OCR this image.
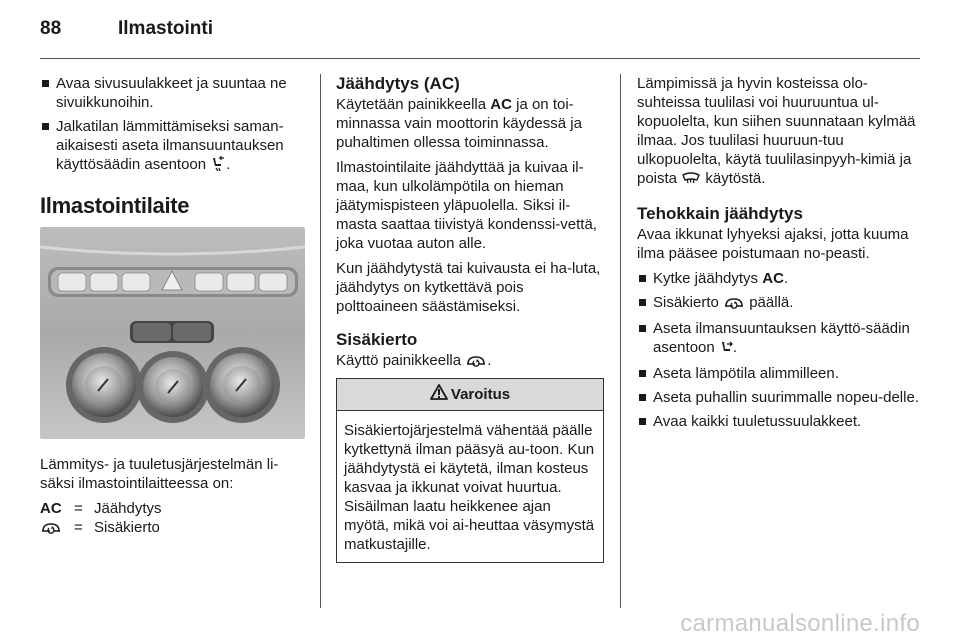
88	Ilmastointi
Avaa sivusuulakkeet ja suuntaa ne sivuikkunoihin.
Jalkatilan lämmittämiseksi saman-aikaisesti aseta ilmansuuntauksen käyttösäädin asentoon .
Ilmastointilaite
Lämmitys- ja tuuletusjärjestelmän li-säksi ilmastointilaitteessa on:
AC = Jäähdytys
= Sisäkierto
Jäähdytys (AC)
Käytetään painikkeella AC ja on toi-minnassa vain moottorin käydessä ja puhaltimen ollessa toiminnassa.
Ilmastointilaite jäähdyttää ja kuivaa il-maa, kun ulkolämpötila on hieman jäätymispisteen yläpuolella. Siksi il-masta saattaa tiivistyä kondenssi-vettä, joka vuotaa auton alle.
Kun jäähdytystä tai kuivausta ei ha-luta, jäähdytys on kytkettävä pois polttoaineen säästämiseksi.
Sisäkierto
Käyttö painikkeella .
Varoitus
Sisäkiertojärjestelmä vähentää päälle kytkettynä ilman pääsyä au-toon. Kun jäähdytystä ei käytetä, ilman kosteus kasvaa ja ikkunat voivat huurtua. Sisäilman laatu heikkenee ajan myötä, mikä voi ai-heuttaa väsymystä matkustajille.
Lämpimissä ja hyvin kosteissa olo-suhteissa tuulilasi voi huuruuntua ul-kopuolelta, kun siihen suunnataan kylmää ilmaa. Jos tuulilasi huuruun-tuu ulkopuolelta, käytä tuulilasinpyyh-kimiä ja poista käytöstä.
Tehokkain jäähdytys
Avaa ikkunat lyhyeksi ajaksi, jotta kuuma ilma pääsee poistumaan no-peasti.
Kytke jäähdytys AC.
Sisäkierto päällä.
Aseta ilmansuuntauksen käyttö-säädin asentoon .
Aseta lämpötila alimmilleen.
Aseta puhallin suurimmalle nopeu-delle.
Avaa kaikki tuuletussuulakkeet.
carmanualsonline.info
